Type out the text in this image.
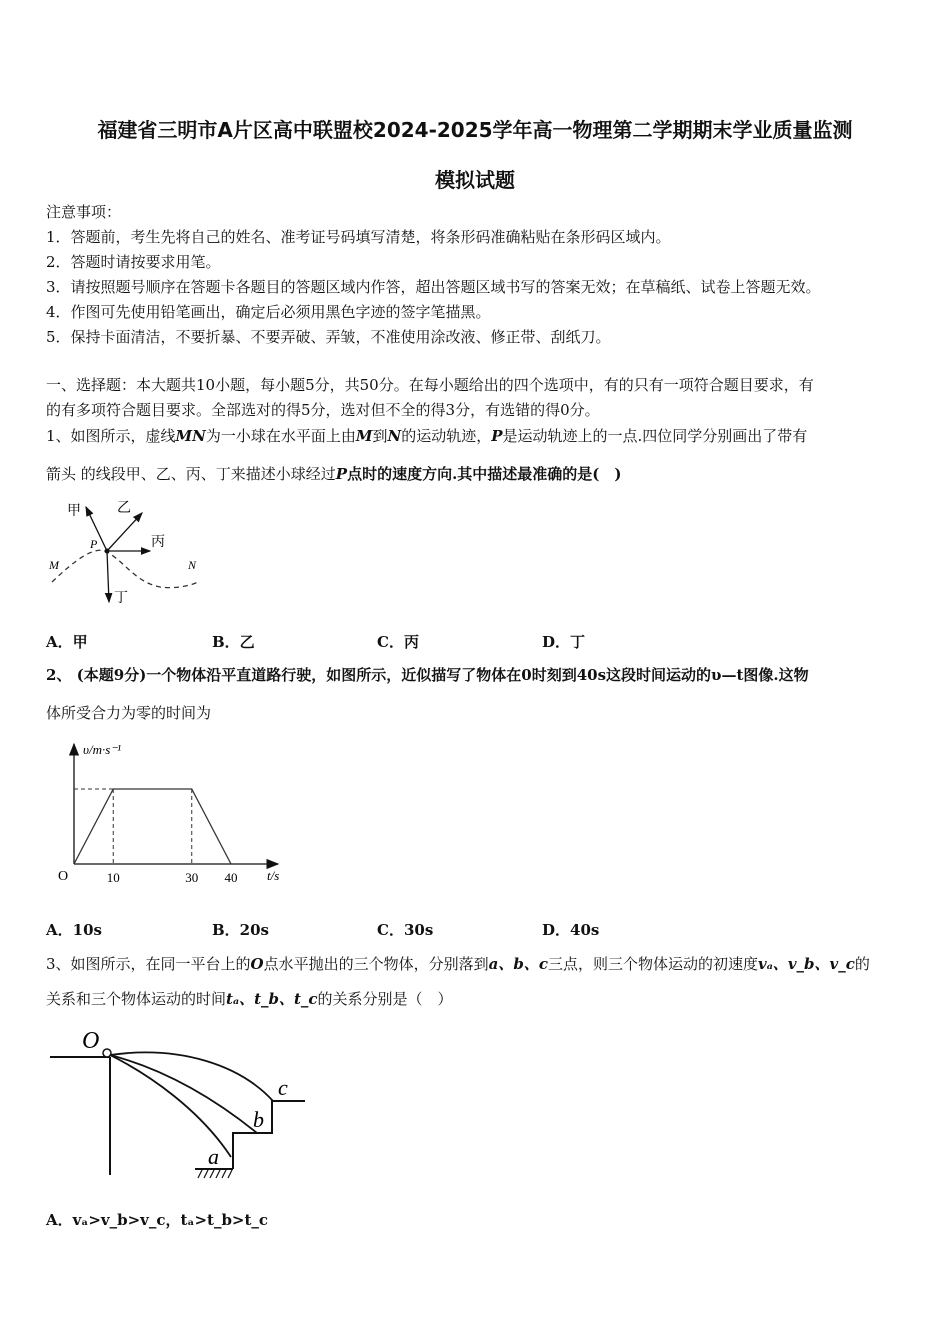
福建省三明市A片区高中联盟校2024-2025学年高一物理第二学期期末学业质量监测
模拟试题
注意事项：
1．答题前，考生先将自己的姓名、准考证号码填写清楚，将条形码准确粘贴在条形码区域内。
2．答题时请按要求用笔。
3．请按照题号顺序在答题卡各题目的答题区域内作答，超出答题区域书写的答案无效；在草稿纸、试卷上答题无效。
4．作图可先使用铅笔画出，确定后必须用黑色字迹的签字笔描黑。
5．保持卡面清洁，不要折暴、不要弄破、弄皱，不准使用涂改液、修正带、刮纸刀。
一、选择题：本大题共10小题，每小题5分，共50分。在每小题给出的四个选项中，有的只有一项符合题目要求，有
的有多项符合题目要求。全部选对的得5分，选对但不全的得3分，有选错的得0分。
1、如图所示，虚线MN为一小球在水平面上由M到N的运动轨迹，P是运动轨迹上的一点.四位同学分别画出了带有
箭头 的线段甲、乙、丙、丁来描述小球经过P点时的速度方向.其中描述最准确的是(　)
甲	乙
丙
丁
P
M	N
A．甲	B．乙	C．丙	D．丁
2、 (本题9分)一个物体沿平直道路行驶，如图所示，近似描写了物体在0时刻到40s这段时间运动的υ—t图像.这物
体所受合力为零的时间为
υ/m·s⁻¹
t/s
O	10	30 40
A．10s	B．20s	C．30s	D．40s
3、如图所示，在同一平台上的O点水平抛出的三个物体，分别落到a、b、c三点，则三个物体运动的初速度vₐ、v_b、v_c的
关系和三个物体运动的时间tₐ、t_b、t_c的关系分别是（　）
O
a
b
c
A．vₐ>v_b>v_c，tₐ>t_b>t_c
